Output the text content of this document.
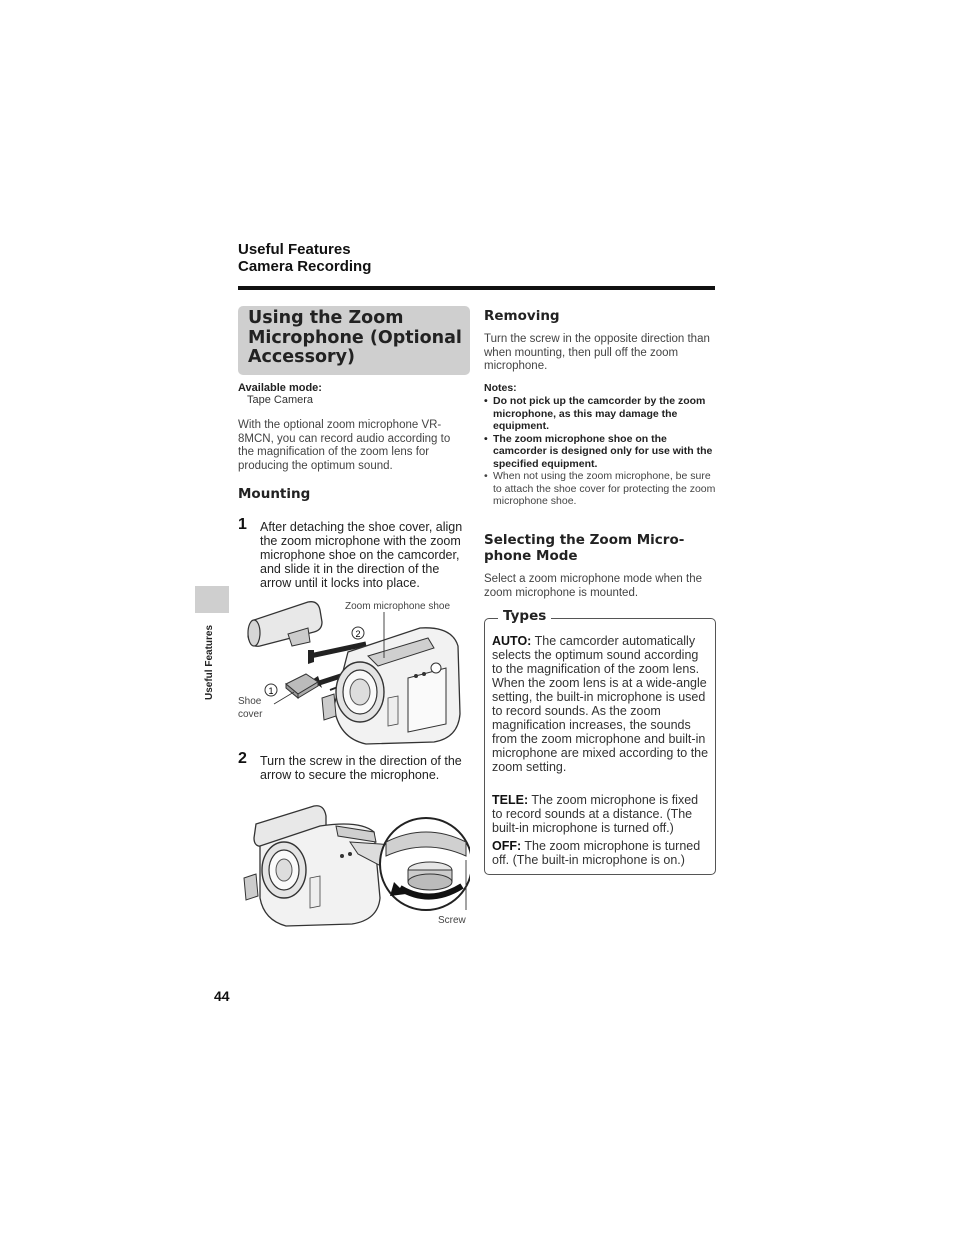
Useful Features
Camera Recording
Using the Zoom Microphone (Optional Accessory)
Available mode:
Tape Camera
With the optional zoom microphone VR-8MCN, you can record audio according to the magnification of the zoom lens for producing the optimum sound.
Mounting
1 After detaching the shoe cover, align the zoom microphone with the zoom microphone shoe on the camcorder, and slide it in the direction of the arrow until it locks into place.
Zoom microphone shoe
Shoe cover
2
1
2 Turn the screw in the direction of the arrow to secure the microphone.
Screw
Removing
Turn the screw in the opposite direction than when mounting, then pull off the zoom microphone.
Notes:
• Do not pick up the camcorder by the zoom microphone, as this may damage the equipment.
• The zoom microphone shoe on the camcorder is designed only for use with the specified equipment.
• When not using the zoom microphone, be sure to attach the shoe cover for protecting the zoom microphone shoe.
Selecting the Zoom Micro- phone Mode
Select a zoom microphone mode when the zoom microphone is mounted.
Types
AUTO: The camcorder automatically selects the optimum sound according to the magnification of the zoom lens. When the zoom lens is at a wide-angle setting, the built-in microphone is used to record sounds. As the zoom magnification increases, the sounds from the zoom microphone and built-in microphone are mixed according to the zoom setting.
TELE: The zoom microphone is fixed to record sounds at a distance. (The built-in microphone is turned off.)
OFF: The zoom microphone is turned off. (The built-in microphone is on.)
Useful Features
44
